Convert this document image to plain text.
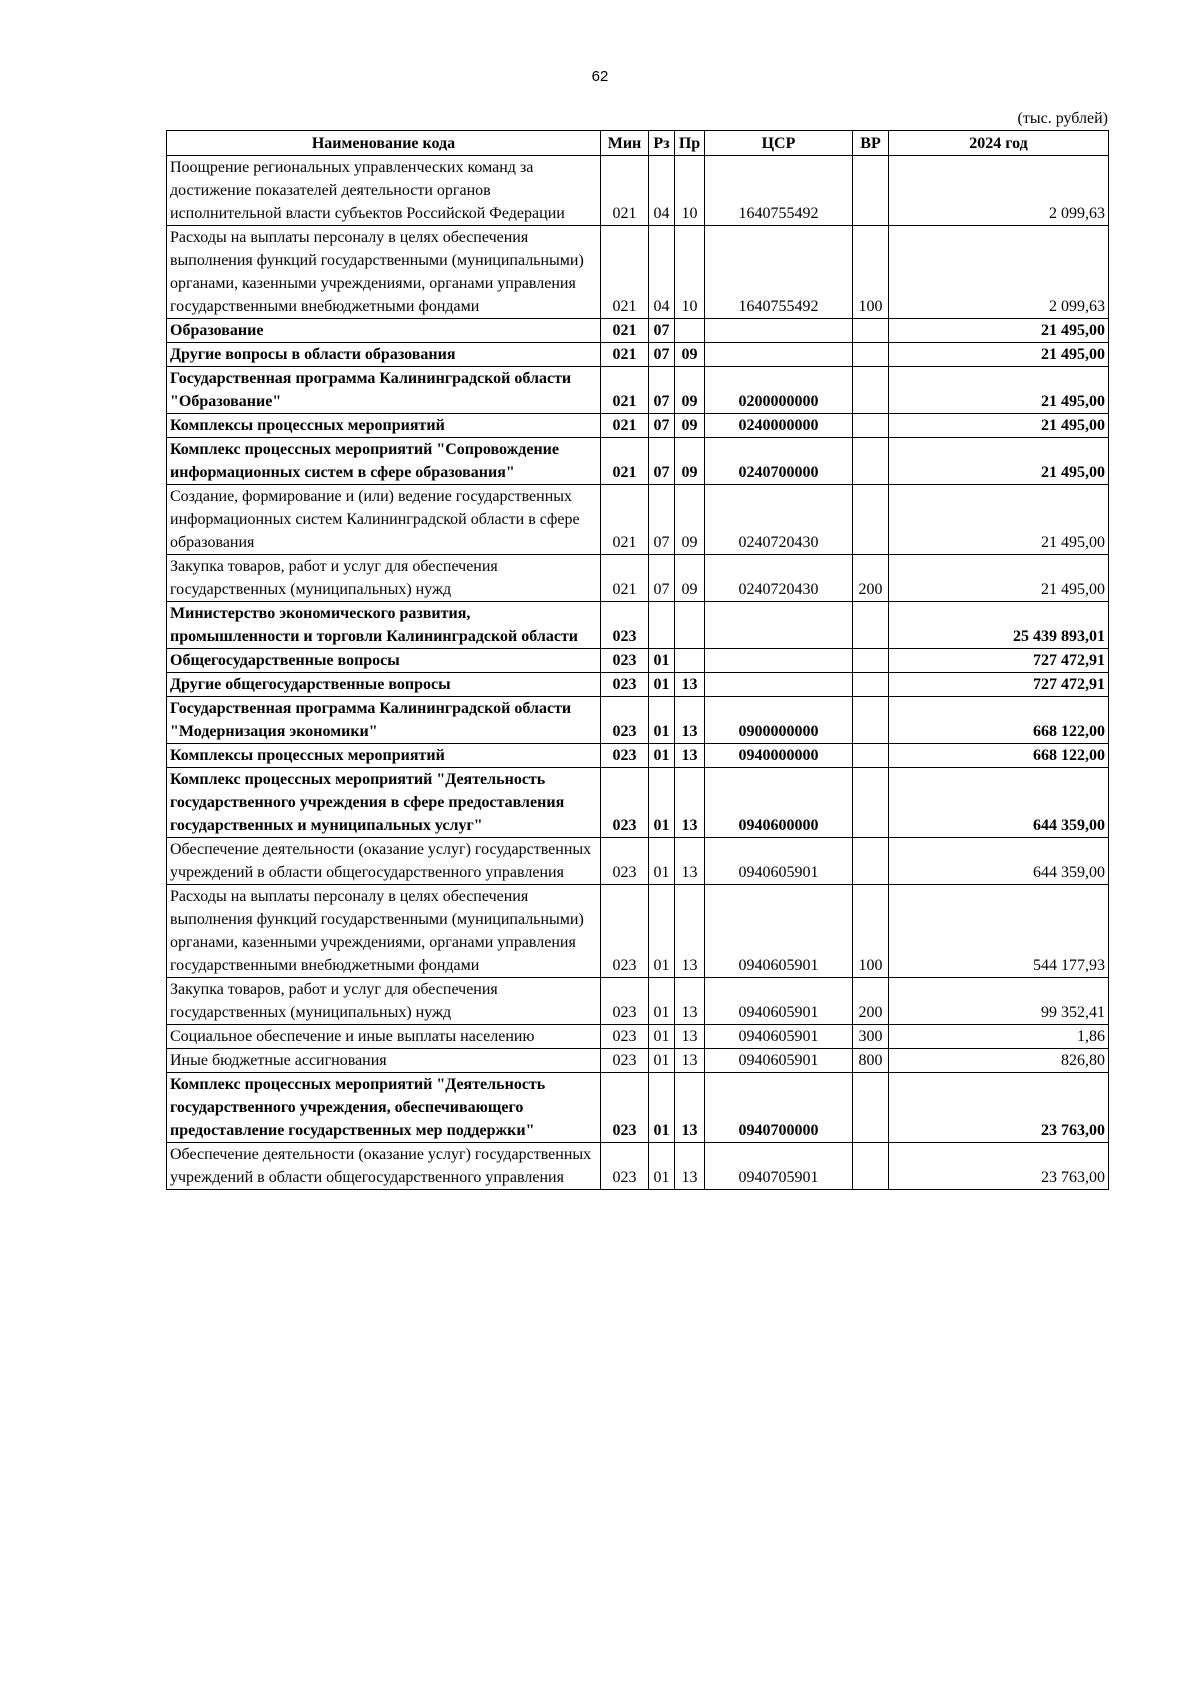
62
(тыс. рублей)
Наименование кода	Мин	Рз	Пр	ЦСР	ВР	2024 год
Поощрение региональных управленческих команд за достижение показателей деятельности органов исполнительной власти субъектов Российской Федерации	021	04	10	1640755492		2 099,63
Расходы на выплаты персоналу в целях обеспечения выполнения функций государственными (муниципальными) органами, казенными учреждениями, органами управления государственными внебюджетными фондами	021	04	10	1640755492	100	2 099,63
Образование	021	07				21 495,00
Другие вопросы в области образования	021	07	09			21 495,00
Государственная программа Калининградской области "Образование"	021	07	09	0200000000		21 495,00
Комплексы процессных мероприятий	021	07	09	0240000000		21 495,00
Комплекс процессных мероприятий "Сопровождение информационных систем в сфере образования"	021	07	09	0240700000		21 495,00
Создание, формирование и (или) ведение государственных информационных систем Калининградской области в сфере образования	021	07	09	0240720430		21 495,00
Закупка товаров, работ и услуг для обеспечения государственных (муниципальных) нужд	021	07	09	0240720430	200	21 495,00
Министерство экономического развития, промышленности и торговли Калининградской области	023					25 439 893,01
Общегосударственные вопросы	023	01				727 472,91
Другие общегосударственные вопросы	023	01	13			727 472,91
Государственная программа Калининградской области "Модернизация экономики"	023	01	13	0900000000		668 122,00
Комплексы процессных мероприятий	023	01	13	0940000000		668 122,00
Комплекс процессных мероприятий "Деятельность государственного учреждения в сфере предоставления государственных и муниципальных услуг"	023	01	13	0940600000		644 359,00
Обеспечение деятельности (оказание услуг) государственных учреждений в области общегосударственного управления	023	01	13	0940605901		644 359,00
Расходы на выплаты персоналу в целях обеспечения выполнения функций государственными (муниципальными) органами, казенными учреждениями, органами управления государственными внебюджетными фондами	023	01	13	0940605901	100	544 177,93
Закупка товаров, работ и услуг для обеспечения государственных (муниципальных) нужд	023	01	13	0940605901	200	99 352,41
Социальное обеспечение и иные выплаты населению	023	01	13	0940605901	300	1,86
Иные бюджетные ассигнования	023	01	13	0940605901	800	826,80
Комплекс процессных мероприятий "Деятельность государственного учреждения, обеспечивающего предоставление государственных мер поддержки"	023	01	13	0940700000		23 763,00
Обеспечение деятельности (оказание услуг) государственных учреждений в области общегосударственного управления	023	01	13	0940705901		23 763,00
